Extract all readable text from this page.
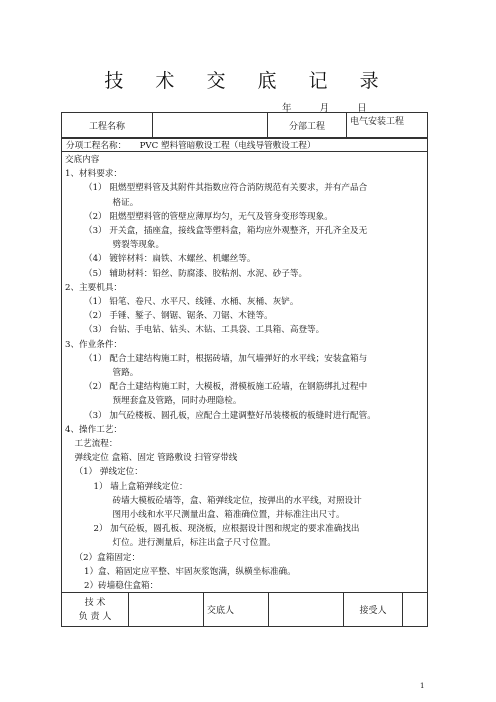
技 术 交 底 记 录
年	月	日
工程名称		分部工程	电气安装工程
分项工程名称： PVC 塑料管暗敷设工程（电线导管敷设工程）
交底内容
1、材料要求：
（1） 阻燃型塑料管及其附件其指数应符合消防规范有关要求，并有产品合
格证。
（2） 阻燃型塑料管的管壁应薄厚均匀，无气及管身变形等现象。
（3） 开关盒，插座盒，接线盒等塑料盒，箱均应外观整齐，开孔齐全及无
劈裂等现象。
（4） 镀锌材料：扁铁、木螺丝、机螺丝等。
（5） 辅助材料：铅丝、防腐漆、胶粘剂、水泥、砂子等。
2、主要机具：
（1） 铅笔、卷尺、水平尺、线锤、水桶、灰桶、灰铲。
（2） 手锤、錾子、钢锯、锯条、刀锯、木锉等。
（3） 台钻、手电钻、钻头、木钻、工具袋、工具箱、高登等。
3、作业条件：
（1） 配合土建结构施工时，根据砖墙，加气墙弹好的水平线；安装盒箱与
管路。
（2） 配合土建结构施工时，大模板，滑模板施工砼墙，在钢筋绑扎过程中
预埋套盒及管路，同时办理隐检。
（3） 加气砼楼板、圆孔板，应配合土建调整好吊装楼板的板缝时进行配管。
4、操作工艺：
工艺流程：
弹线定位 盒箱、固定 管路敷设 扫管穿带线
（1） 弹线定位：
1） 墙上盒箱弹线定位：
砖墙大模板砼墙等，盒、箱弹线定位，按弹出的水平线，对照设计
图用小线和水平尺测量出盒、箱准确位置，并标准注出尺寸。
2） 加气砼板，圆孔板、现浇板，应根据设计图和规定的要求准确找出
灯位。进行测量后，标注出盒子尺寸位置。
（2）盒箱固定：
1）盒、箱固定应平整、牢固灰浆饱满，纵横坐标准确。
2）砖墙稳住盒箱：
技 术
负 责 人
		交底人		接受人	
1
